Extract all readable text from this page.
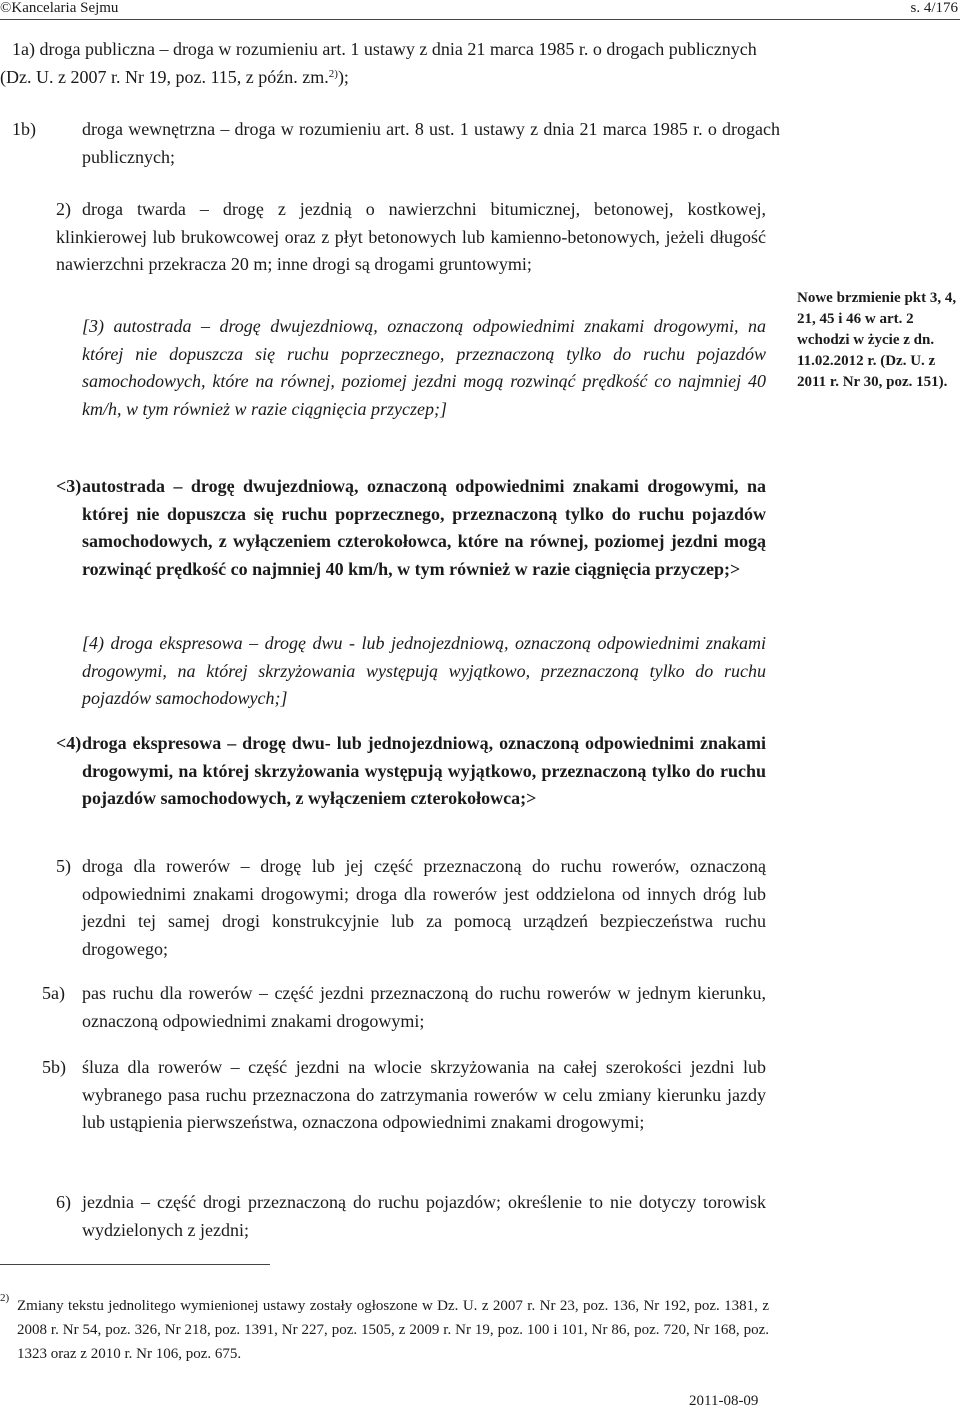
©Kancelaria Sejmu	s. 4/176
1a) droga publiczna – droga w rozumieniu art. 1 ustawy z dnia 21 marca 1985 r. o drogach publicznych (Dz. U. z 2007 r. Nr 19, poz. 115, z późn. zm.$^{2)}$);
1b)	droga wewnętrzna – droga w rozumieniu art. 8 ust. 1 ustawy z dnia 21 marca 1985 r. o drogach publicznych;
2) droga twarda – drogę z jezdnią o nawierzchni bitumicznej, betonowej, kostkowej, klinkierowej lub brukowcowej oraz z płyt betonowych lub kamienno-betonowych, jeżeli długość nawierzchni przekracza 20 m; inne drogi są drogami gruntowymi;
[3) autostrada – drogę dwujezdniową, oznaczoną odpowiednimi znakami drogowymi, na której nie dopuszcza się ruchu poprzecznego, przeznaczoną tylko do ruchu pojazdów samochodowych, które na równej, poziomej jezdni mogą rozwinąć prędkość co najmniej 40 km/h, w tym również w razie ciągnięcia przyczep;]
<3) autostrada – drogę dwujezdniową, oznaczoną odpowiednimi znakami drogowymi, na której nie dopuszcza się ruchu poprzecznego, przeznaczoną tylko do ruchu pojazdów samochodowych, z wyłączeniem czterokołowca, które na równej, poziomej jezdni mogą rozwinąć prędkość co najmniej 40 km/h, w tym również w razie ciągnięcia przyczep;>
[4) droga ekspresowa – drogę dwu - lub jednojezdniową, oznaczoną odpowiednimi znakami drogowymi, na której skrzyżowania występują wyjątkowo, przeznaczoną tylko do ruchu pojazdów samochodowych;]
<4) droga ekspresowa – drogę dwu- lub jednojezdniową, oznaczoną odpowiednimi znakami drogowymi, na której skrzyżowania występują wyjątkowo, przeznaczoną tylko do ruchu pojazdów samochodowych, z wyłączeniem czterokołowca;>
5) droga dla rowerów – drogę lub jej część przeznaczoną do ruchu rowerów, oznaczoną odpowiednimi znakami drogowymi; droga dla rowerów jest oddzielona od innych dróg lub jezdni tej samej drogi konstrukcyjnie lub za pomocą urządzeń bezpieczeństwa ruchu drogowego;
5a) pas ruchu dla rowerów – część jezdni przeznaczoną do ruchu rowerów w jednym kierunku, oznaczoną odpowiednimi znakami drogowymi;
5b) śluza dla rowerów – część jezdni na wlocie skrzyżowania na całej szerokości jezdni lub wybranego pasa ruchu przeznaczona do zatrzymania rowerów w celu zmiany kierunku jazdy lub ustąpienia pierwszeństwa, oznaczona odpowiednimi znakami drogowymi;
6) jezdnia – część drogi przeznaczoną do ruchu pojazdów; określenie to nie dotyczy torowisk wydzielonych z jezdni;
Nowe brzmienie pkt 3, 4, 21, 45 i 46 w art. 2 wchodzi w życie z dn. 11.02.2012 r. (Dz. U. z 2011 r. Nr 30, poz. 151).
2) Zmiany tekstu jednolitego wymienionej ustawy zostały ogłoszone w Dz. U. z 2007 r. Nr 23, poz. 136, Nr 192, poz. 1381, z 2008 r. Nr 54, poz. 326, Nr 218, poz. 1391, Nr 227, poz. 1505, z 2009 r. Nr 19, poz. 100 i 101, Nr 86, poz. 720, Nr 168, poz. 1323 oraz z 2010 r. Nr 106, poz. 675.
2011-08-09
